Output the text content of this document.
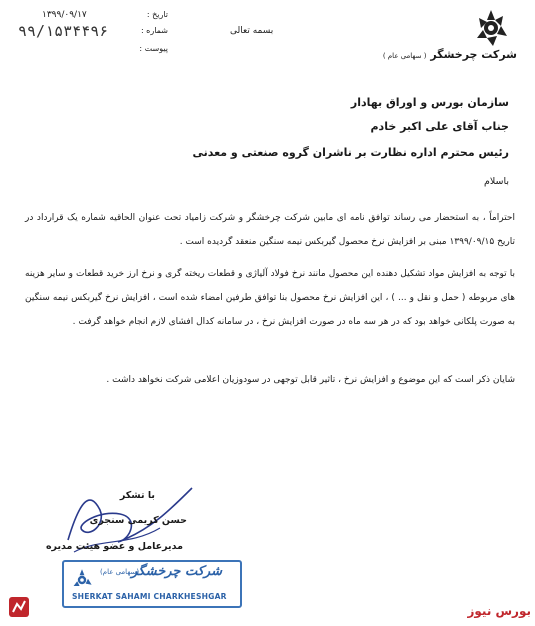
شرکت چرخشگر ( سهامی عام )
بسمه تعالی
تاریخ :
۱۳۹۹/۰۹/۱۷
شماره :
۹۹/۱۵۳۴۴۹۶
پیوست :
سازمان بورس و اوراق بهادار
جناب آقای علی اکبر خادم
رئیس محترم اداره نظارت بر ناشران گروه صنعتی و معدنی
باسلام

احتراماً ، به استحضار می رساند توافق نامه ای مابین شرکت چرخشگر و شرکت زامیاد تحت عنوان الحاقیه شماره یک قرارداد در تاریخ ۱۳۹۹/۰۹/۱۵ مبنی بر افزایش نرخ محصول گیربکس نیمه سنگین منعقد گردیده است .

با توجه به افزایش مواد تشکیل دهنده این محصول مانند نرخ فولاد آلیاژی و قطعات ریخته گری و نرخ ارز خرید قطعات و سایر هزینه های مربوطه ( حمل و نقل و ... ) ، این افزایش نرخ محصول بنا توافق طرفین امضاء شده است ، افزایش نرخ گیربکس نیمه سنگین به صورت پلکانی خواهد بود که در هر سه ماه در صورت افزایش نرخ ، در سامانه کدال افشای لازم انجام خواهد گرفت .

شایان ذکر است که این موضوع و افزایش نرخ ، تاثیر قابل توجهی در سودوزیان اعلامی شرکت نخواهد داشت .

با تشکر
حسن کریمی سنجری
مدیرعامل و عضو هیئت مدیره
(سهامی عام)
شرکت چرخشگر
SHERKAT SAHAMI CHARKHESHGAR
بورس نیوز
